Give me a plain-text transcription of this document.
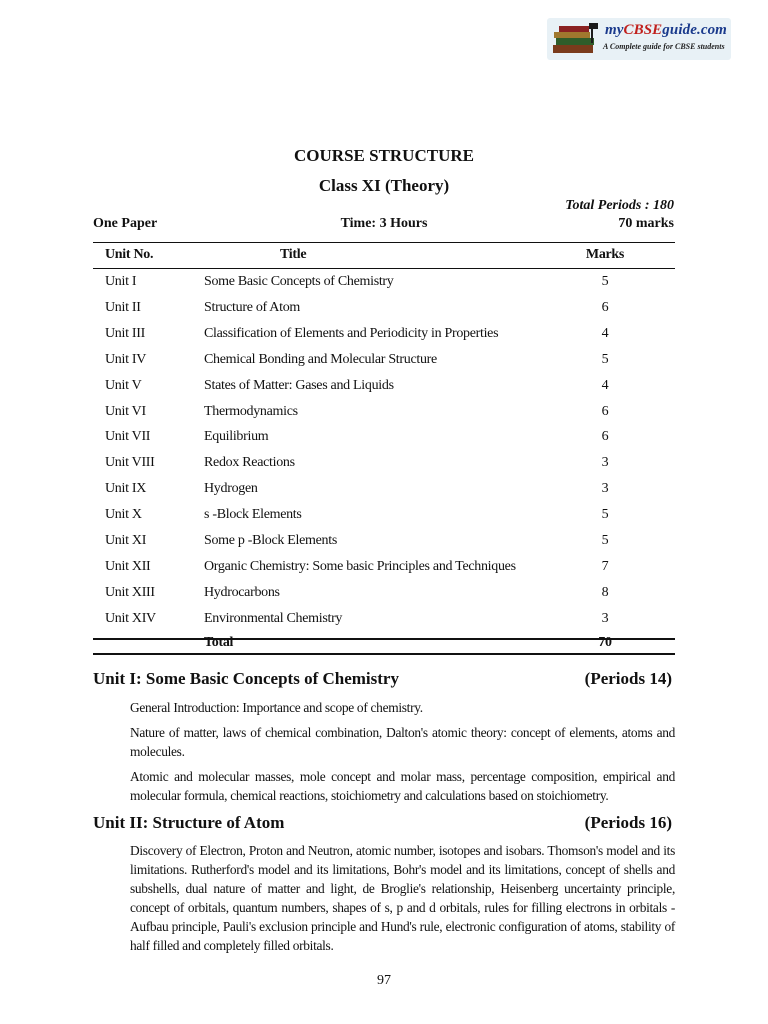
myCBSEguide.com
A Complete guide for CBSE students
COURSE STRUCTURE
Class XI (Theory)
Total Periods : 180
One Paper	Time: 3 Hours	70 marks
Unit No.	Title	Marks
Unit I	Some Basic Concepts of Chemistry	5
Unit II	Structure of Atom	6
Unit III	Classification of Elements and Periodicity in Properties	4
Unit IV	Chemical Bonding and Molecular Structure	5
Unit V	States of Matter: Gases and Liquids	4
Unit VI	Thermodynamics	6
Unit VII	Equilibrium	6
Unit VIII	Redox Reactions	3
Unit IX	Hydrogen	3
Unit X	s -Block Elements	5
Unit XI	Some p -Block Elements	5
Unit XII	Organic Chemistry: Some basic Principles and Techniques	7
Unit XIII	Hydrocarbons	8
Unit XIV	Environmental Chemistry	3
Total	70
Unit I: Some Basic Concepts of Chemistry	(Periods 14)
General Introduction: Importance and scope of chemistry.
Nature of matter, laws of chemical combination, Dalton's atomic theory: concept of elements, atoms and molecules.
Atomic and molecular masses, mole concept and molar mass, percentage composition, empirical and molecular formula, chemical reactions, stoichiometry and calculations based on stoichiometry.
Unit II: Structure of Atom	(Periods 16)
Discovery of Electron, Proton and Neutron, atomic number, isotopes and isobars. Thomson's model and its limitations. Rutherford's model and its limitations, Bohr's model and its limitations, concept of shells and subshells, dual nature of matter and light, de Broglie's relationship, Heisenberg uncertainty principle, concept of orbitals, quantum numbers, shapes of s, p and d orbitals, rules for filling electrons in orbitals - Aufbau principle, Pauli's exclusion principle and Hund's rule, electronic configuration of atoms, stability of half filled and completely filled orbitals.
97
